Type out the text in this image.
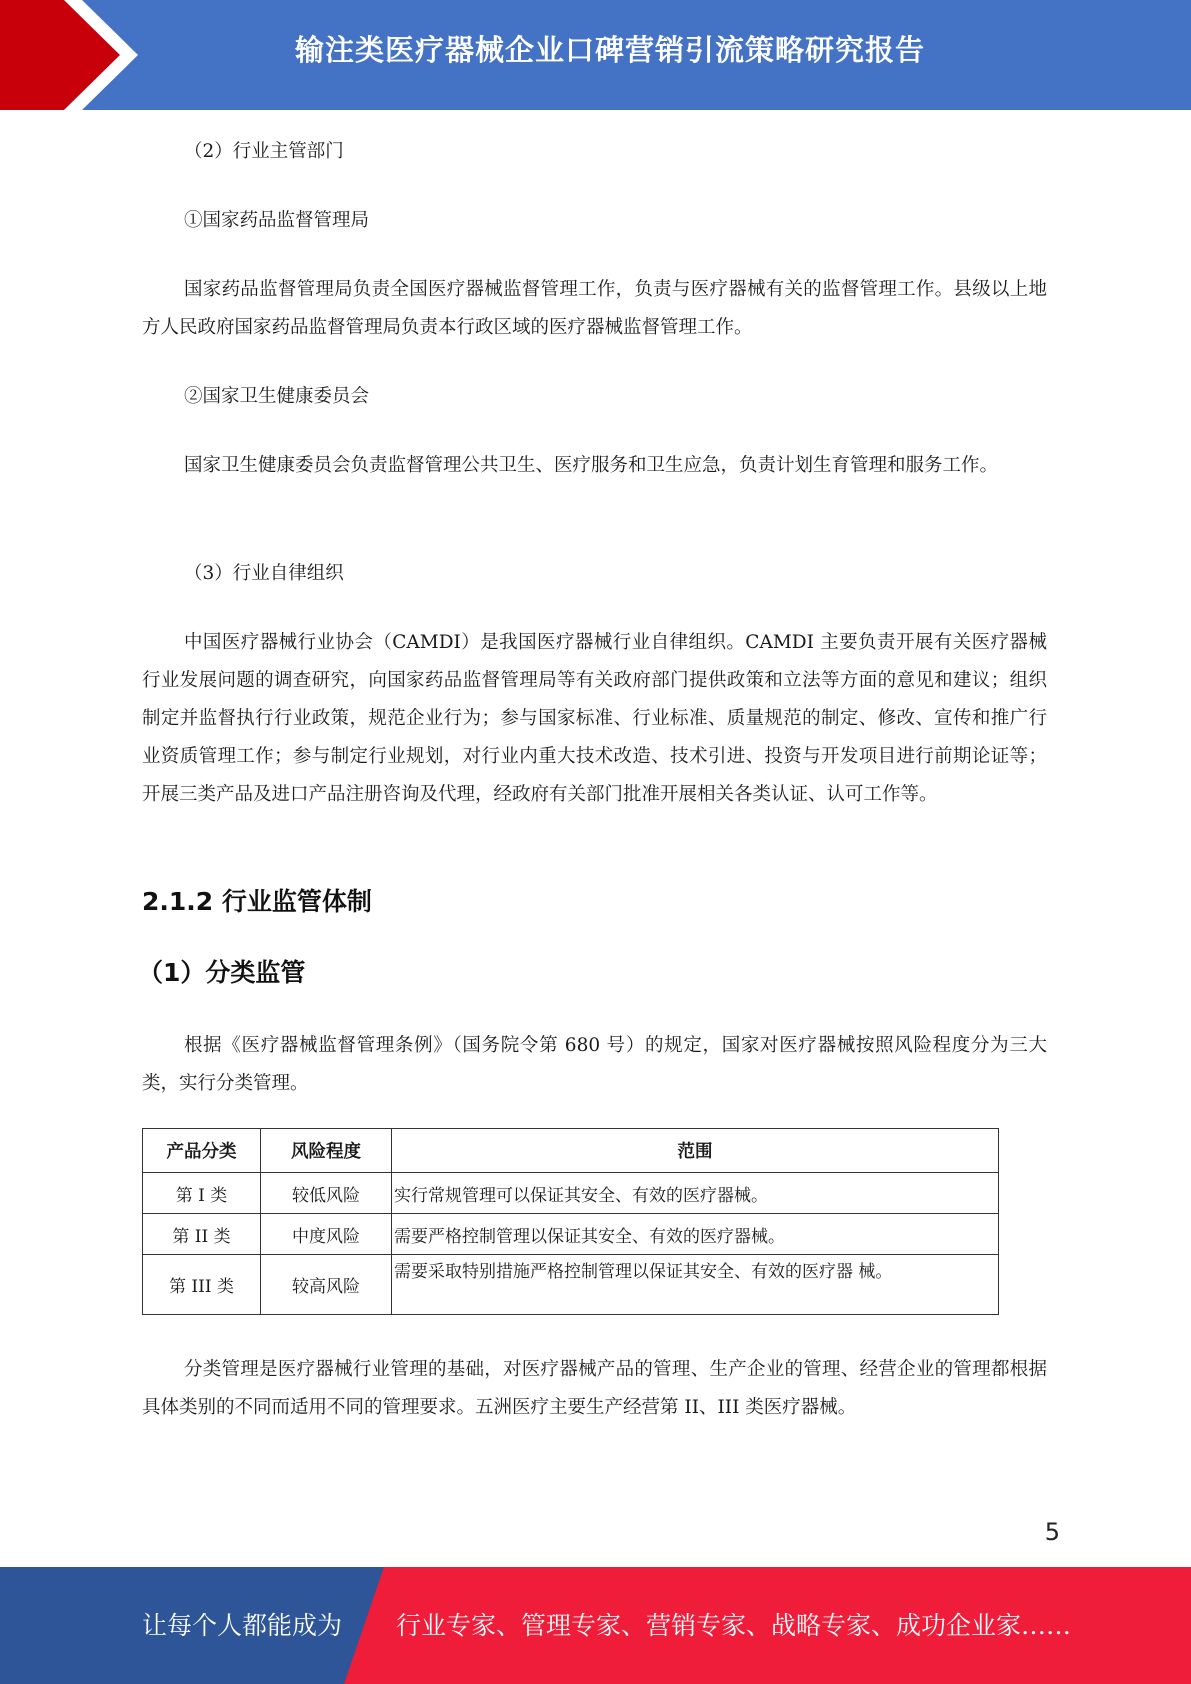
输注类医疗器械企业口碑营销引流策略研究报告

（2）行业主管部门

①国家药品监督管理局

国家药品监督管理局负责全国医疗器械监督管理工作，负责与医疗器械有关的监督管理工作。县级以上地方人民政府国家药品监督管理局负责本行政区域的医疗器械监督管理工作。

②国家卫生健康委员会

国家卫生健康委员会负责监督管理公共卫生、医疗服务和卫生应急，负责计划生育管理和服务工作。

（3）行业自律组织

中国医疗器械行业协会（CAMDI）是我国医疗器械行业自律组织。CAMDI 主要负责开展有关医疗器械行业发展问题的调查研究，向国家药品监督管理局等有关政府部门提供政策和立法等方面的意见和建议；组织制定并监督执行行业政策，规范企业行为；参与国家标准、行业标准、质量规范的制定、修改、宣传和推广行业资质管理工作；参与制定行业规划，对行业内重大技术改造、技术引进、投资与开发项目进行前期论证等；开展三类产品及进口产品注册咨询及代理，经政府有关部门批准开展相关各类认证、认可工作等。

2.1.2 行业监管体制
（1）分类监管

根据《医疗器械监督管理条例》（国务院令第 680 号）的规定，国家对医疗器械按照风险程度分为三大类，实行分类管理。

分类管理是医疗器械行业管理的基础，对医疗器械产品的管理、生产企业的管理、经营企业的管理都根据具体类别的不同而适用不同的管理要求。五洲医疗主要生产经营第 II、III 类医疗器械。

产品分类	风险程度	范围
第 I 类	较低风险	实行常规管理可以保证其安全、有效的医疗器械。
第 II 类	中度风险	需要严格控制管理以保证其安全、有效的医疗器械。
第 III 类	较高风险	需要采取特别措施严格控制管理以保证其安全、有效的医疗器 械。
5
让每个人都能成为 行业专家、管理专家、营销专家、战略专家、成功企业家……
